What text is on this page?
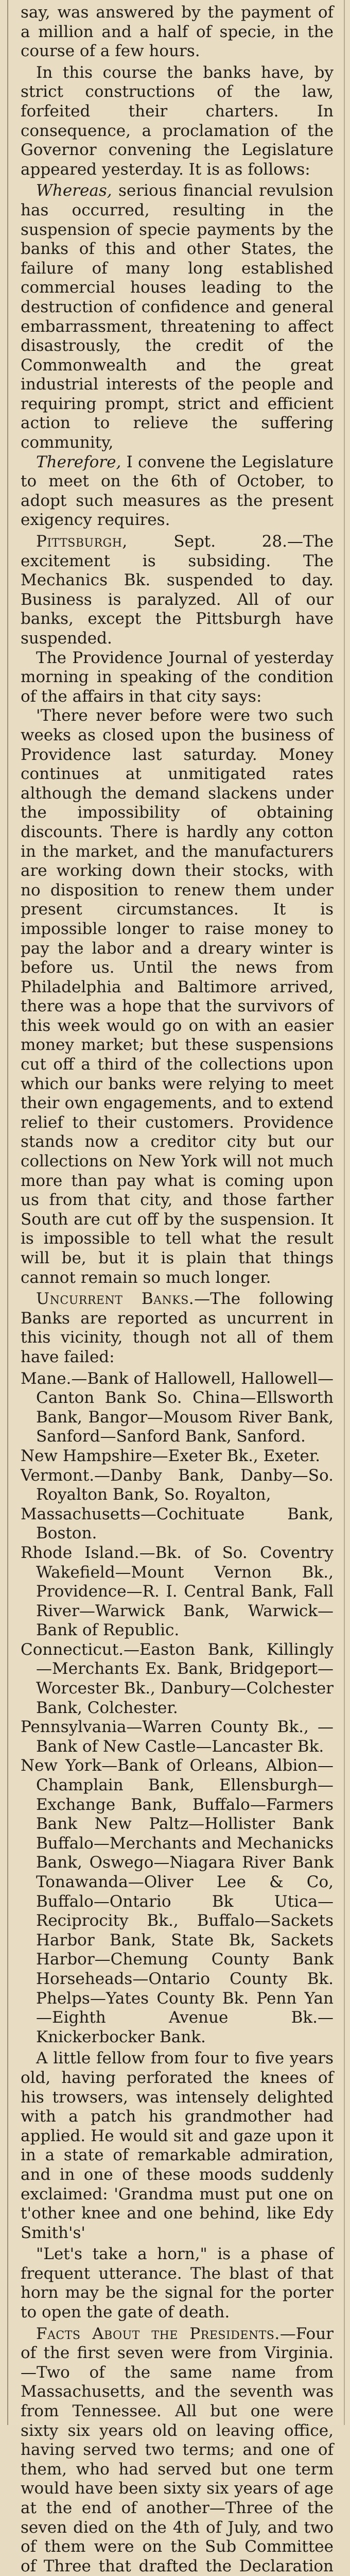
say, was answered by the payment of a million and a half of specie, in the course of a few hours.

In this course the banks have, by strict constructions of the law, forfeited their charters. In consequence, a proclamation of the Governor convening the Legislature appeared yesterday. It is as follows:

Whereas, serious financial revulsion has occurred, resulting in the suspension of specie payments by the banks of this and other States, the failure of many long established commercial houses leading to the destruction of confidence and general embarrassment, threatening to affect disastrously, the credit of the Commonwealth and the great industrial interests of the people and requiring prompt, strict and efficient action to relieve the suffering community,

Therefore, I convene the Legislature to meet on the 6th of October, to adopt such measures as the present exigency requires.

Pittsburgh,	Sept. 28.—The excitement is subsiding. The Mechanics Bk. suspended to day. Business is paralyzed. All of our banks, except the Pittsburgh have suspended.

The Providence Journal of yesterday morning in speaking of the condition of the affairs in that city says:

'There never before were two such weeks as closed upon the business of Providence last saturday. Money continues at unmitigated rates although the demand slackens under the impossibility of obtaining discounts. There is hardly any cotton in the market, and the manufacturers are working down their stocks, with no disposition to renew them under present circumstances. It is impossible longer to raise money to pay the labor and a dreary winter is before us. Until the news from Philadelphia and Baltimore arrived, there was a hope that the survivors of this week would go on with an easier money market; but these suspensions cut off a third of the collections upon which our banks were relying to meet their own engagements, and to extend relief to their customers. Providence stands now a creditor city but our collections on New York will not much more than pay what is coming upon us from that city, and those farther South are cut off by the suspension. It is impossible to tell what the result will be, but it is plain that things cannot remain so much longer.

Uncurrent Banks.—The following Banks are reported as uncurrent in this vicinity, though not all of them have failed:

Mane.—Bank of Hallowell, Hallowell—Canton Bank So. China—Ellsworth Bank, Bangor—Mousom River Bank, Sanford—Sanford Bank, Sanford.

New Hampshire—Exeter Bk., Exeter.

Vermont.—Danby Bank, Danby—So. Royalton Bank, So. Royalton,

Massachusetts—Cochituate Bank, Boston.

Rhode Island.—Bk. of So. Coventry Wakefield—Mount Vernon Bk., Providence—R. I. Central Bank, Fall River—Warwick Bank, Warwick—Bank of Republic.

Connecticut.—Easton Bank, Killingly—Merchants Ex. Bank, Bridgeport—Worcester Bk., Danbury—Colchester Bank, Colchester.

Pennsylvania—Warren County Bk., —Bank of New Castle—Lancaster Bk.

New York—Bank of Orleans, Albion—Champlain Bank, Ellensburgh—Exchange Bank, Buffalo—Farmers Bank New Paltz—Hollister Bank Buffalo—Merchants and Mechanicks Bank, Oswego—Niagara River Bank Tonawanda—Oliver Lee & Co, Buffalo—Ontario Bk Utica—Reciprocity Bk., Buffalo—Sackets Harbor Bank, State Bk, Sackets Harbor—Chemung County Bank Horseheads—Ontario County Bk. Phelps—Yates County Bk. Penn Yan—Eighth Avenue Bk.—Knickerbocker Bank.

A little fellow from four to five years old, having perforated the knees of his trowsers, was intensely delighted with a patch his grandmother had applied. He would sit and gaze upon it in a state of remarkable admiration, and in one of these moods suddenly exclaimed: 'Grandma must put one on t'other knee and one behind, like Edy Smith's'

"Let's take a horn," is a phase of frequent utterance. The blast of that horn may be the signal for the porter to open the gate of death.

Facts About the Presidents.—Four of the first seven were from Virginia.—Two of the same name from Massachusetts, and the seventh was from Tennessee. All but one were sixty six years old on leaving office, having served two terms; and one of them, who had served but one term would have been sixty six years of age at the end of another—Three of the seven died on the 4th of July, and two of them were on the Sub Committee of Three that drafted the Declaration
